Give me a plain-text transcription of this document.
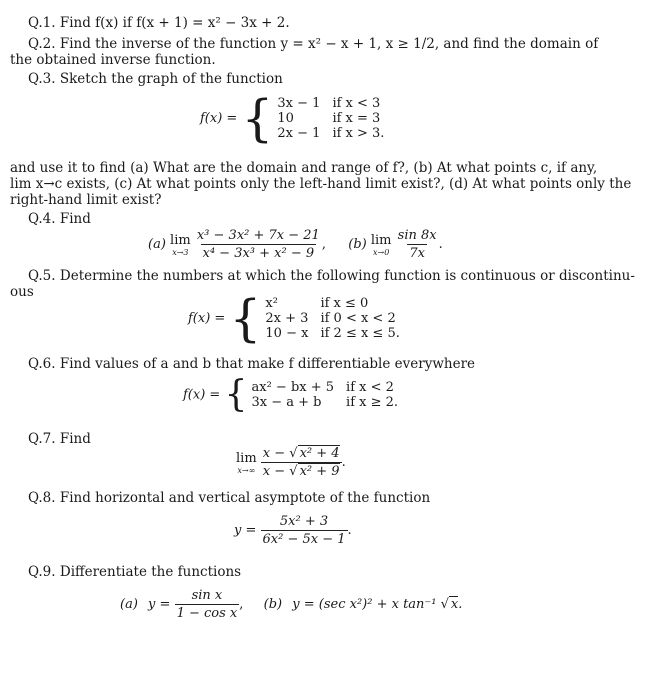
Q.1. Find f(x) if f(x + 1) = x² − 3x + 2.
Q.2. Find the inverse of the function y = x² − x + 1, x ≥ 1/2, and find the domain of
the obtained inverse function.
Q.3. Sketch the graph of the function
f(x) = { 3x − 1 if x < 3
10	if x = 3
2x − 1 if x > 3.
and use it to find (a) What are the domain and range of f?, (b) At what points c, if any,
lim x→c exists, (c) At what points only the left-hand limit exist?, (d) At what points only the
right-hand limit exist?
Q.4. Find
(a) lim
x→3
$\frac{\text{x³ − 3x² + 7x − 21}}{\text{x⁴ − 3x³ + x² − 9}}$ , (b) lim
x→0
$\frac{\sin 8x}{7x}$ .
Q.5. Determine the numbers at which the following function is continuous or discontinu-
ous
f(x) = { x²	if x ≤ 0
2x + 3 if 0 < x < 2
10 − x if 2 ≤ x ≤ 5.
Q.6. Find values of a and b that make f differentiable everywhere
f(x) = { ax² − bx + 5 if x < 2
3x − a + b	if x ≥ 2.
Q.7. Find
lim
x→∞
$\frac{\text{x − √ x² + 4}}{\text{x − √ x² + 9}}$ .
Q.8. Find horizontal and vertical asymptote of the function
$y = \frac{\text{5x² + 3}}{\text{6x² − 5x − 1}}$ .
Q.9. Differentiate the functions
(a) $y = \frac{\text{sin x}}{\text{1 − cos x}}$ , (b) y = (sec x²)² + x tan⁻¹ √ x.
